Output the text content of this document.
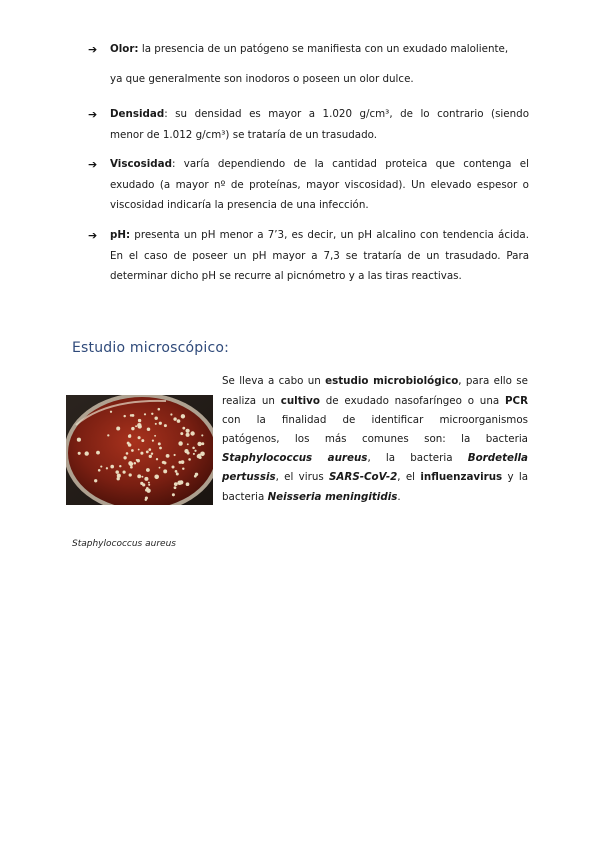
➔	Olor: la presencia de un patógeno se manifiesta con un exudado maloliente,
ya que generalmente son inodoros o poseen un olor dulce.
➔	Densidad: su densidad es mayor a 1.020 g/cm³, de lo contrario (siendo
menor de 1.012 g/cm³) se trataría de un trasudado.
➔	Viscosidad: varía dependiendo de la cantidad proteica que contenga el
exudado (a mayor nº de proteínas, mayor viscosidad). Un elevado espesor o
viscosidad indicaría la presencia de una infección.
➔	pH: presenta un pH menor a 7’3, es decir, un pH alcalino con tendencia ácida.
En el caso de poseer un pH mayor a 7,3 se trataría de un trasudado. Para
determinar dicho pH se recurre al picnómetro y a las tiras reactivas.
Estudio microscópico:
Se lleva a cabo un estudio microbiológico, para ello se
realiza un cultivo de exudado nasofaríngeo o una PCR
con la finalidad de identificar microorganismos
patógenos, los más comunes son: la bacteria
Staphylococcus aureus, la bacteria Bordetella
pertussis, el virus SARS-CoV-2, el influenzavirus y la
bacteria Neisseria meningitidis.
Staphylococcus aureus
